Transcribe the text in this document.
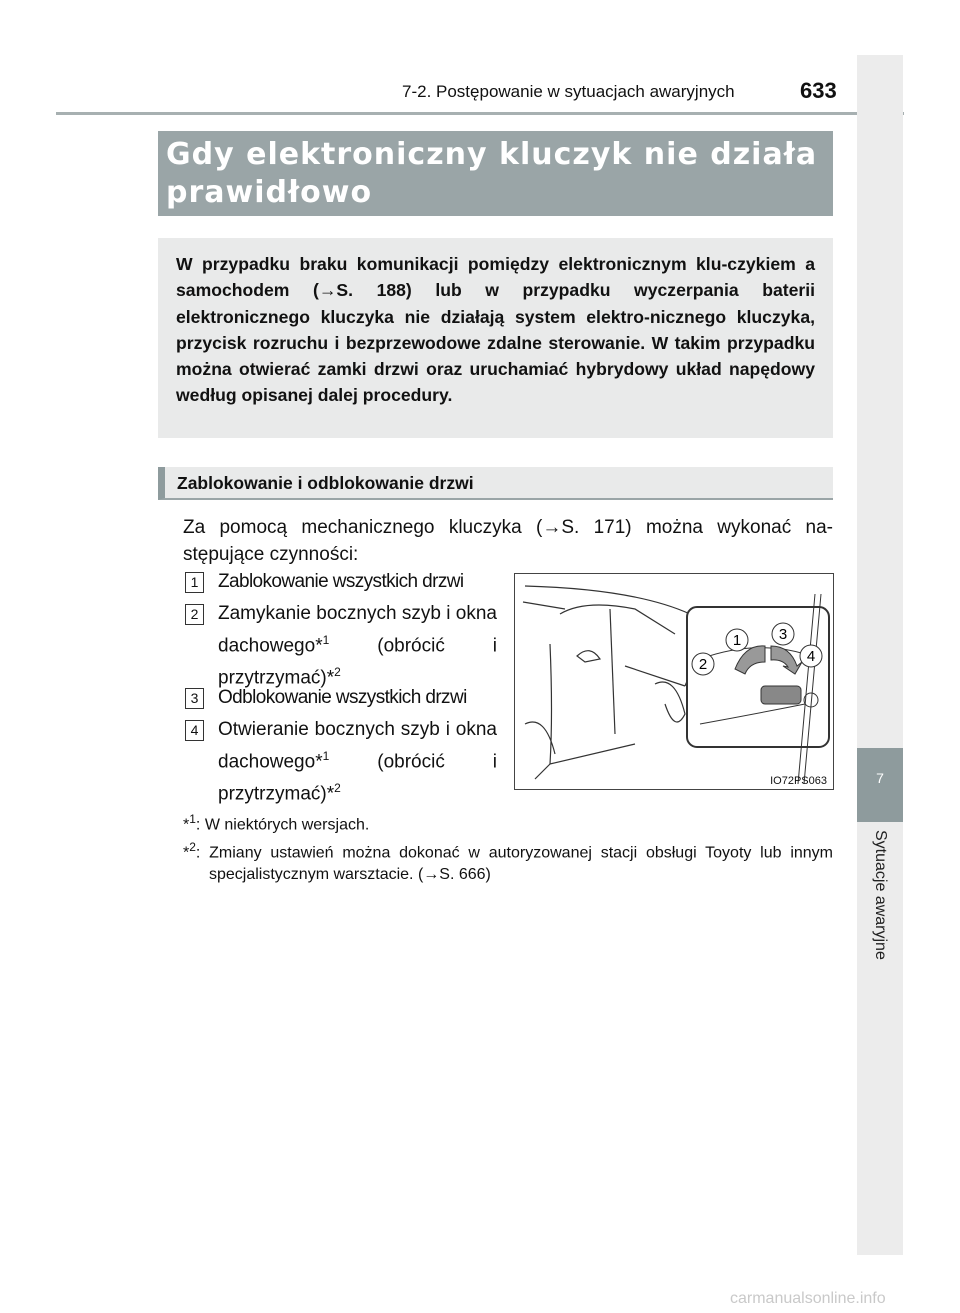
7-2. Postępowanie w sytuacjach awaryjnych	633
7
Sytuacje awaryjne
Gdy elektroniczny kluczyk nie działa prawidłowo
W przypadku braku komunikacji pomiędzy elektronicznym klu-czykiem a samochodem (→S. 188) lub w przypadku wyczerpania baterii elektronicznego kluczyka nie działają system elektro-nicznego kluczyka, przycisk rozruchu i bezprzewodowe zdalne sterowanie. W takim przypadku można otwierać zamki drzwi oraz uruchamiać hybrydowy układ napędowy według opisanej dalej procedury.
Zablokowanie i odblokowanie drzwi
Za pomocą mechanicznego kluczyka (→S. 171) można wykonać na-stępujące czynności:
1 Zablokowanie wszystkich drzwi
2 Zamykanie bocznych szyb i okna dachowego*$^1$ (obrócić i przytrzymać)*$^2$
3 Odblokowanie wszystkich drzwi
4 Otwieranie bocznych szyb i okna dachowego*$^1$ (obrócić i przytrzymać)*$^2$
1
2
3
4
IO72PS063
*$^1$: W niektórych wersjach.
*$^2$: Zmiany ustawień można dokonać w autoryzowanej stacji obsługi Toyoty lub innym specjalistycznym warsztacie. (→S. 666)
carmanualsonline.info
